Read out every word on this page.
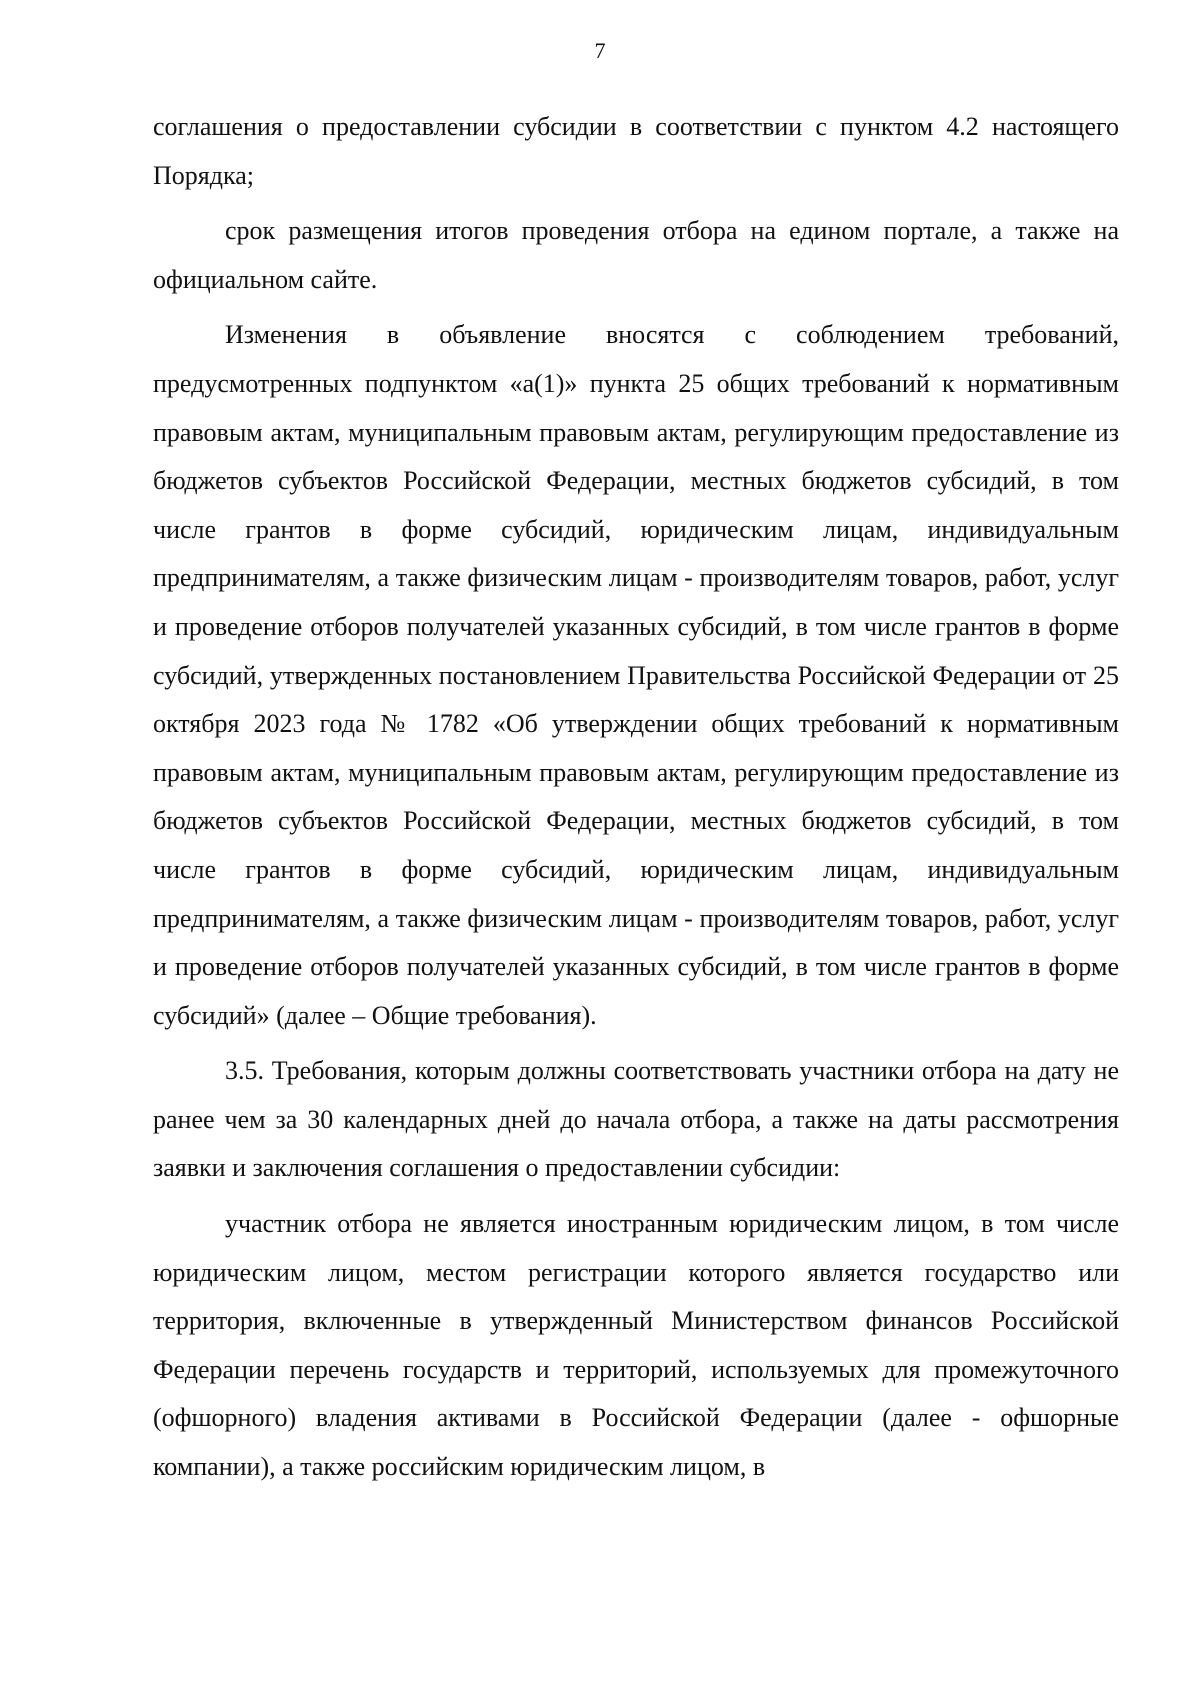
7

соглашения о предоставлении субсидии в соответствии с пунктом 4.2 настоящего Порядка;

срок размещения итогов проведения отбора на едином портале, а также на официальном сайте.

Изменения в объявление вносятся с соблюдением требований, предусмотренных подпунктом «а(1)» пункта 25 общих требований к нормативным правовым актам, муниципальным правовым актам, регулирующим предоставление из бюджетов субъектов Российской Федерации, местных бюджетов субсидий, в том числе грантов в форме субсидий, юридическим лицам, индивидуальным предпринимателям, а также физическим лицам - производителям товаров, работ, услуг и проведение отборов получателей указанных субсидий, в том числе грантов в форме субсидий, утвержденных постановлением Правительства Российской Федерации от 25 октября 2023 года № 1782 «Об утверждении общих требований к нормативным правовым актам, муниципальным правовым актам, регулирующим предоставление из бюджетов субъектов Российской Федерации, местных бюджетов субсидий, в том числе грантов в форме субсидий, юридическим лицам, индивидуальным предпринимателям, а также физическим лицам - производителям товаров, работ, услуг и проведение отборов получателей указанных субсидий, в том числе грантов в форме субсидий» (далее – Общие требования).

3.5. Требования, которым должны соответствовать участники отбора на дату не ранее чем за 30 календарных дней до начала отбора, а также на даты рассмотрения заявки и заключения соглашения о предоставлении субсидии:

участник отбора не является иностранным юридическим лицом, в том числе юридическим лицом, местом регистрации которого является государство или территория, включенные в утвержденный Министерством финансов Российской Федерации перечень государств и территорий, используемых для промежуточного (офшорного) владения активами в Российской Федерации (далее - офшорные компании), а также российским юридическим лицом, в
